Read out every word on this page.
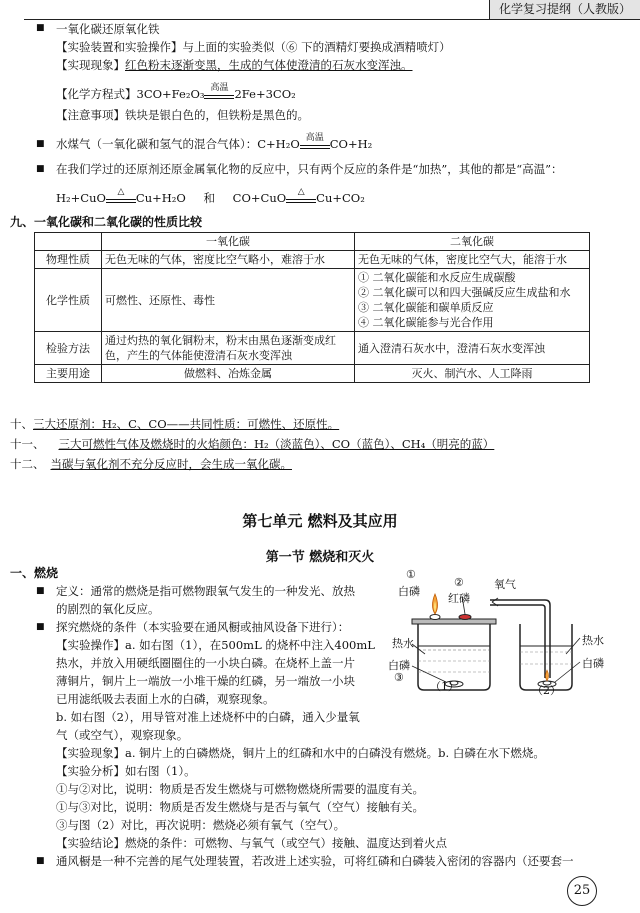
化学复习提纲（人教版）
■ 一氧化碳还原氧化铁
【实验装置和实验操作】与上面的实验类似（⑥ 下的酒精灯要换成酒精喷灯）
【实现现象】红色粉末逐渐变黑，生成的气体使澄清的石灰水变浑浊。
【化学方程式】3CO+Fe₂O₃ 高温 2Fe+3CO₂
【注意事项】铁块是银白色的，但铁粉是黑色的。
■ 水煤气（一氧化碳和氢气的混合气体）：C+H₂O 高温 CO+H₂
■ 在我们学过的还原剂还原金属氧化物的反应中，只有两个反应的条件是“加热”，其他的都是“高温”：
H₂+CuO	△	Cu+H₂O 和 CO+CuO	△	Cu+CO₂
九、一氧化碳和二氧化碳的性质比较
	一氧化碳	二氧化碳
物理性质	无色无味的气体，密度比空气略小，难溶于水	无色无味的气体，密度比空气大，能溶于水
化学性质	可燃性、还原性、毒性	① 二氧化碳能和水反应生成碳酸
② 二氧化碳可以和四大强碱反应生成盐和水
③ 二氧化碳能和碳单质反应
④ 二氧化碳能参与光合作用

检验方法	通过灼热的氧化铜粉末，粉末由黑色逐渐变成红
色，产生的气体能使澄清石灰水变浑浊	通入澄清石灰水中，澄清石灰水变浑浊
主要用途	做燃料、冶炼金属	灭火、制汽水、人工降雨
十、三大还原剂：H₂、C、CO——共同性质：可燃性、还原性。
十一、 三大可燃性气体及燃烧时的火焰颜色：H₂（淡蓝色）、CO（蓝色）、CH₄（明亮的蓝）
十二、 当碳与氧化剂不充分反应时，会生成一氧化碳。
第七单元 燃料及其应用
第一节 燃烧和灭火
一、燃烧
■ 定义：通常的燃烧是指可燃物跟氧气发生的一种发光、放热
的剧烈的氧化反应。
■ 探究燃烧的条件（本实验要在通风橱或抽风设备下进行）：
【实验操作】a. 如右图（1），在500mL 的烧杯中注入400mL
热水，并放入用硬纸圈圈住的一小块白磷。在烧杯上盖一片
薄铜片，铜片上一端放一小堆干燥的红磷，另一端放一小块
已用滤纸吸去表面上水的白磷，观察现象。
b. 如右图（2），用导管对准上述烧杯中的白磷，通入少量氧
气（或空气），观察现象。
【实验现象】a. 铜片上的白磷燃烧，铜片上的红磷和水中的白磷没有燃烧。b. 白磷在水下燃烧。
【实验分析】如右图（1）。
①与②对比，说明：物质是否发生燃烧与可燃物燃烧所需要的温度有关。
①与③对比，说明：物质是否发生燃烧与是否与氧气（空气）接触有关。
③与图（2）对比，再次说明：燃烧必须有氧气（空气）。
【实验结论】燃烧的条件：可燃物、与氧气（或空气）接触、温度达到着火点
■ 通风橱是一种不完善的尾气处理装置，若改进上述实验，可将红磷和白磷装入密闭的容器内（还要套一
①
白磷
②
红磷
氧气
热水
白磷
③
（1）
热水
白磷
（2）
25
